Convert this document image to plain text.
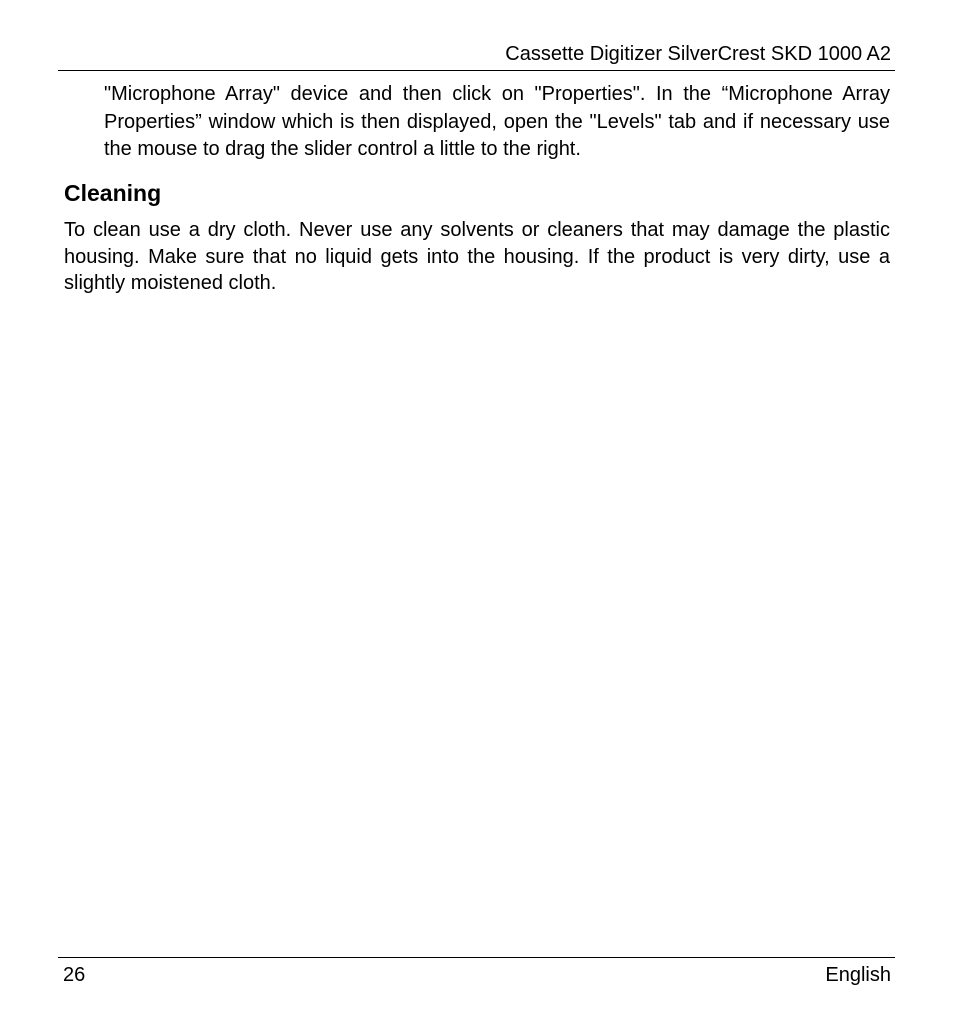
Cassette Digitizer SilverCrest SKD 1000 A2

"Microphone Array" device and then click on "Properties". In the “Microphone Array Properties” window which is then displayed, open the "Levels" tab and if necessary use the mouse to drag the slider control a little to the right.

Cleaning

To clean use a dry cloth. Never use any solvents or cleaners that may damage the plastic housing. Make sure that no liquid gets into the housing. If the product is very dirty, use a slightly moistened cloth.

26	English
